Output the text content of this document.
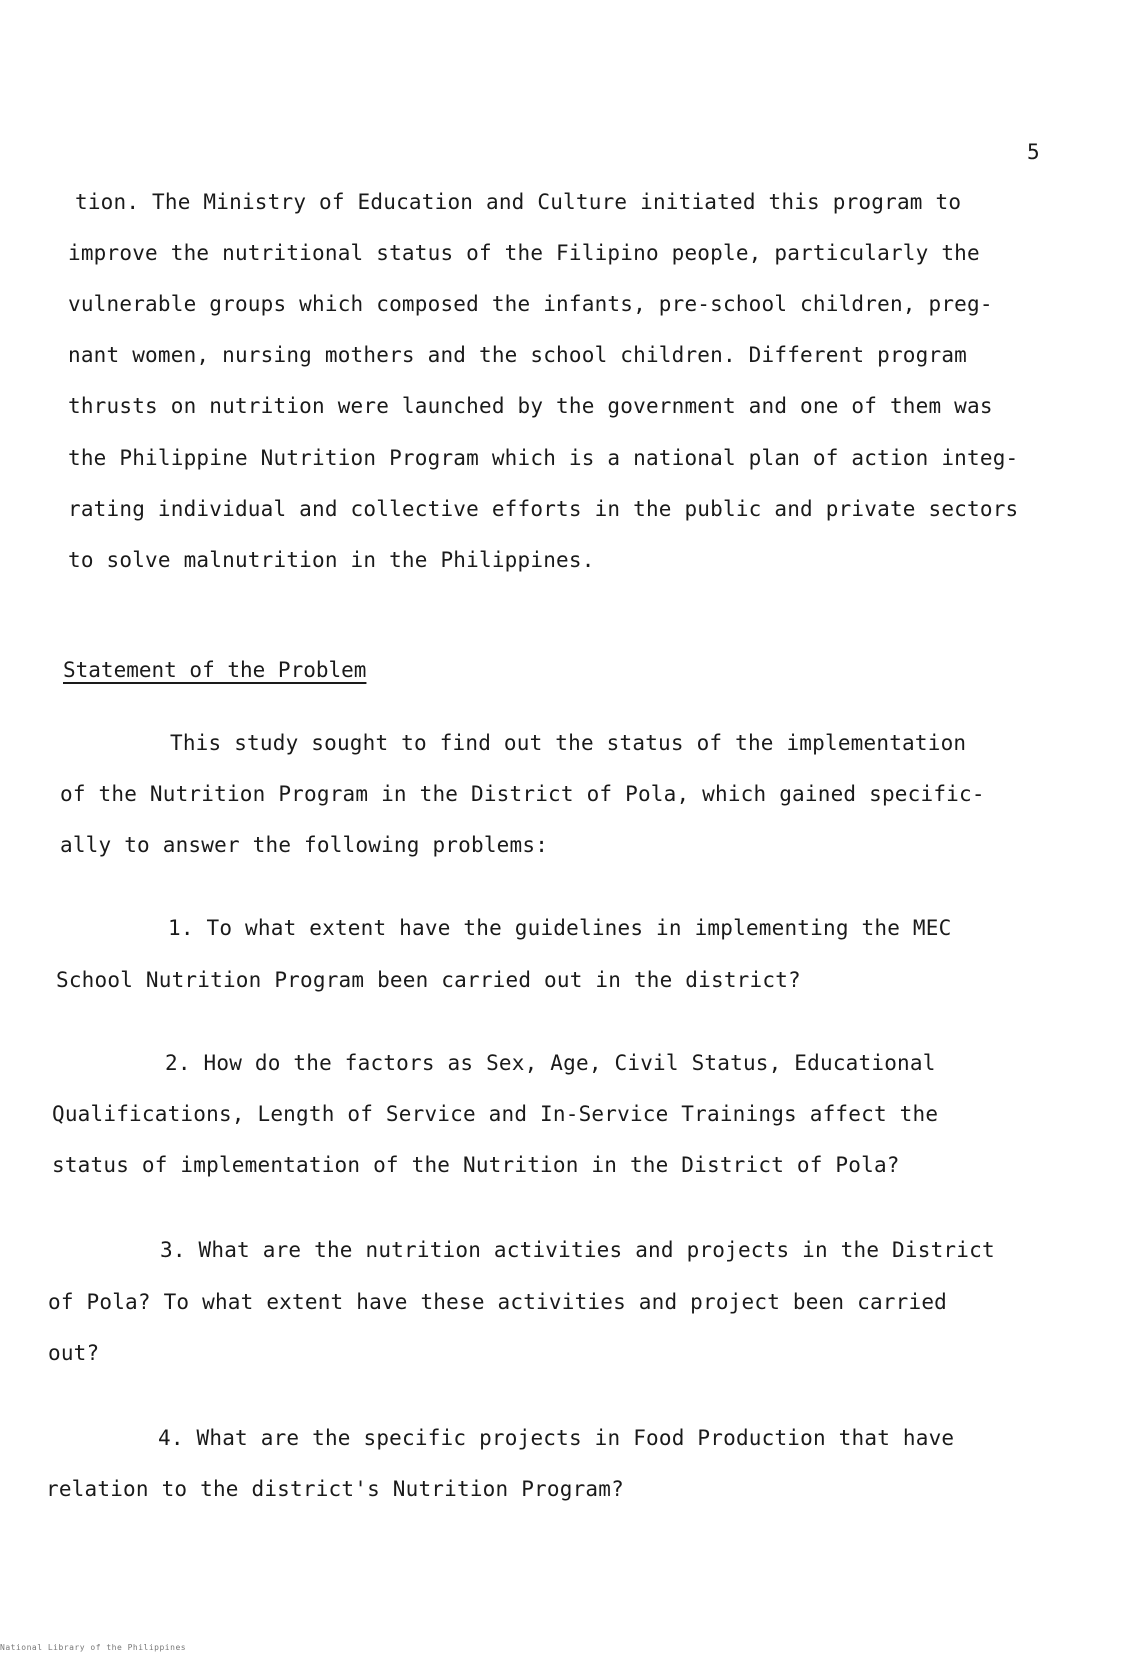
5
tion. The Ministry of Education and Culture initiated this program to
improve the nutritional status of the Filipino people, particularly the
vulnerable groups which composed the infants, pre-school children, preg-
nant women, nursing mothers and the school children. Different program
thrusts on nutrition were launched by the government and one of them was
the Philippine Nutrition Program which is a national plan of action integ-
rating individual and collective efforts in the public and private sectors
to solve malnutrition in the Philippines.
Statement of the Problem
This study sought to find out the status of the implementation
of the Nutrition Program in the District of Pola, which gained specific-
ally to answer the following problems:
1. To what extent have the guidelines in implementing the MEC
School Nutrition Program been carried out in the district?
2. How do the factors as Sex, Age, Civil Status, Educational
Qualifications, Length of Service and In-Service Trainings affect the
status of implementation of the Nutrition in the District of Pola?
3. What are the nutrition activities and projects in the District
of Pola? To what extent have these activities and project been carried
out?
4. What are the specific projects in Food Production that have
relation to the district's Nutrition Program?
National Library of the Philippines
